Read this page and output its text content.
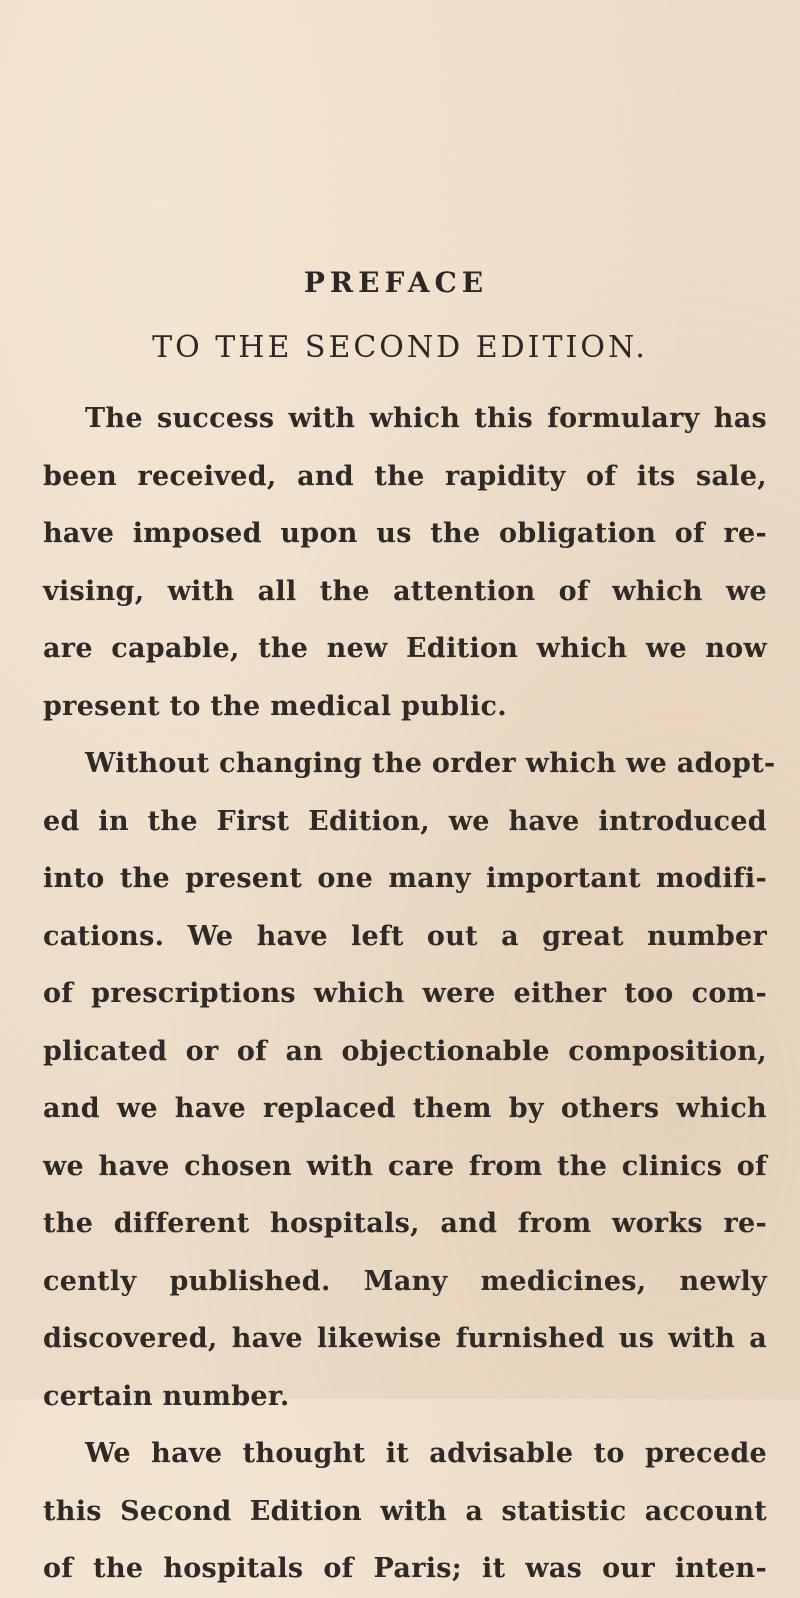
PREFACE
TO THE SECOND EDITION.
The success with which this formulary has
been received, and the rapidity of its sale,
have imposed upon us the obligation of re-
vising, with all the attention of which we
are capable, the new Edition which we now
present to the medical public.
Without changing the order which we adopt-
ed in the First Edition, we have introduced
into the present one many important modifi-
cations. We have left out a great number
of prescriptions which were either too com-
plicated or of an objectionable composition,
and we have replaced them by others which
we have chosen with care from the clinics of
the different hospitals, and from works re-
cently published. Many medicines, newly
discovered, have likewise furnished us with a
certain number.
We have thought it advisable to precede
this Second Edition with a statistic account
of the hospitals of Paris; it was our inten-
